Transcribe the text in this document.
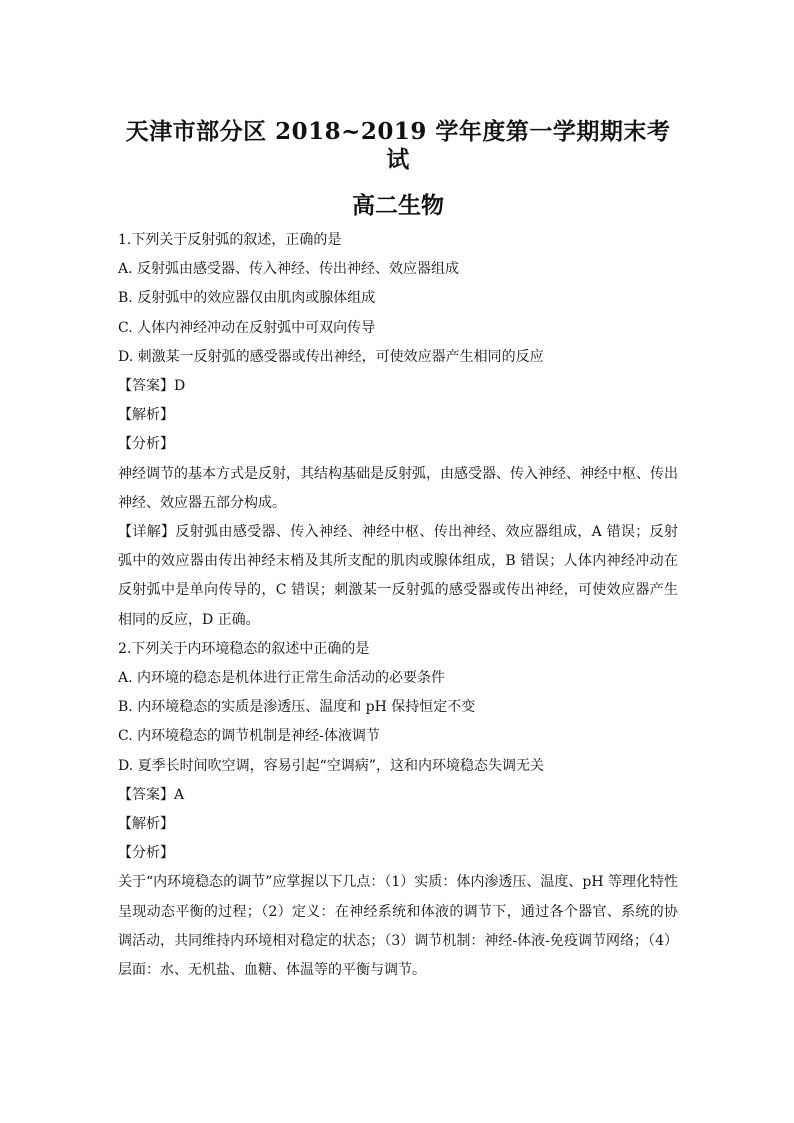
天津市部分区 2018~2019 学年度第一学期期末考试
高二生物

1.下列关于反射弧的叙述，正确的是

A. 反射弧由感受器、传入神经、传出神经、效应器组成

B. 反射弧中的效应器仅由肌肉或腺体组成

C. 人体内神经冲动在反射弧中可双向传导

D. 刺激某一反射弧的感受器或传出神经，可使效应器产生相同的反应

【答案】D

【解析】

【分析】

神经调节的基本方式是反射，其结构基础是反射弧，由感受器、传入神经、神经中枢、传出神经、效应器五部分构成。

【详解】反射弧由感受器、传入神经、神经中枢、传出神经、效应器组成，A 错误；反射弧中的效应器由传出神经末梢及其所支配的肌肉或腺体组成，B 错误；人体内神经冲动在反射弧中是单向传导的，C 错误；刺激某一反射弧的感受器或传出神经，可使效应器产生相同的反应，D 正确。

2.下列关于内环境稳态的叙述中正确的是

A. 内环境的稳态是机体进行正常生命活动的必要条件

B. 内环境稳态的实质是渗透压、温度和 pH 保持恒定不变

C. 内环境稳态的调节机制是神经-体液调节

D. 夏季长时间吹空调，容易引起“空调病”，这和内环境稳态失调无关

【答案】A

【解析】

【分析】

关于“内环境稳态的调节”应掌握以下几点：（1）实质：体内渗透压、温度、pH 等理化特性呈现动态平衡的过程；（2）定义：在神经系统和体液的调节下，通过各个器官、系统的协调活动，共同维持内环境相对稳定的状态；（3）调节机制：神经-体液-免疫调节网络；（4）层面：水、无机盐、血糖、体温等的平衡与调节。
